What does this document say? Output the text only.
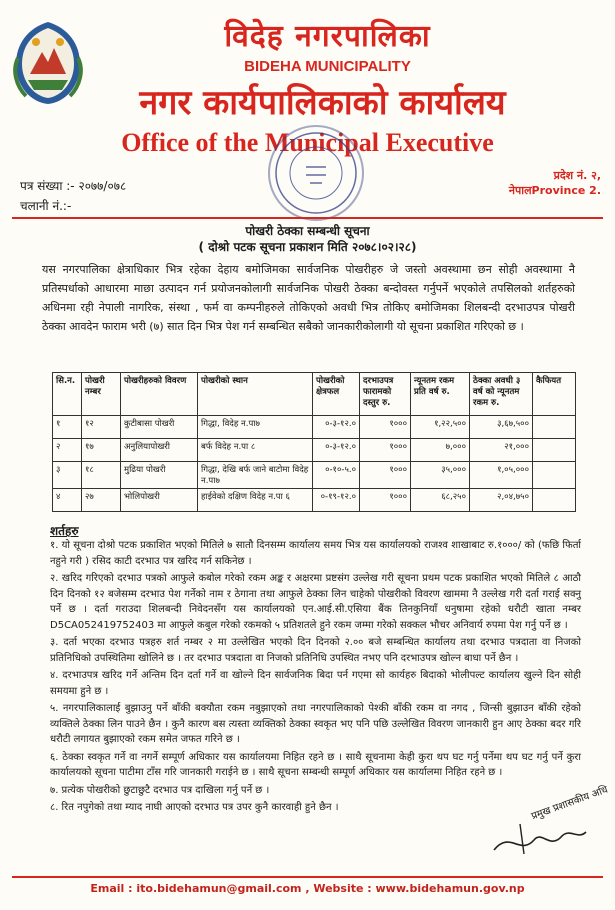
विदेह नगरपालिका
BIDEHA MUNICIPALITY
नगर कार्यपालिकाको कार्यालय
Office of the Municipal Executive
प्रदेश नं. २,
नेपालProvince 2.
पत्र संख्या :- २०७७/०७८
चलानी नं.:-
पोखरी ठेक्का सम्बन्धी सूचना
( दोश्रो पटक सूचना प्रकाशन मिति २०७८।०२।२८)
यस नगरपालिका क्षेत्राधिकार भित्र रहेका देहाय बमोजिमका सार्वजनिक पोखरीहरु जे जस्तो अवस्थामा छन सोही अवस्थामा नै प्रतिस्पर्धाको आधारमा माछा उत्पादन गर्न प्रयोजनकोलागी सार्वजनिक पोखरी ठेक्का बन्दोवस्त गर्नुपर्ने भएकोले तपसिलको शर्तहरुको अधिनमा रही नेपाली नागरिक, संस्था , फर्म वा कम्पनीहरुले तोकिएको अवधी भित्र तोकिए बमोजिमका शिलबन्दी दरभाउपत्र पोखरी ठेक्का आवदेन फाराम भरी (७) सात दिन भित्र पेश गर्न सम्बन्धित सबैको जानकारीकोलागी यो सूचना प्रकाशित गरिएको छ ।
सि.न.	पोखरी नम्बर	पोखरीहरुको विवरण	पोखरीको स्थान	पोखरीको क्षेत्रफल	दरभाउपत्र फारामको दस्तुर रु.	न्यूनतम रकम प्रति वर्ष रु.	ठेक्का अवधी ३ वर्ष को न्यूनतम रकम रु.	कैफियत
१	१२	कुटीबासा पोखरी	गिद्धा, विदेह न.पा७	०-३-१२.०	१०००	१,२२,५००	३,६७,५००	
२	१७	अनुलियापोखरी	बर्फ विदेह न.पा ८	०-३-१२.०	१०००	७,०००	२१,०००	
३	१८	मुढिया पोखरी	गिद्धा, देखि बर्फ जाने बाटोमा विदेह न.पा७	०-१०-५.०	१०००	३५,०००	१,०५,०००	
४	२७	भोलिपोखरी	हाईवेको दक्षिण विदेह न.पा ६	०-१९-१२.०	१०००	६८,२५०	२,०४,७५०	
शर्तहरु

१. यो सूचना दोश्रो पटक प्रकाशित भएको मितिले ७ सातौ दिनसम्म कार्यालय समय भित्र यस कार्यालयको राजश्व शाखाबाट रु.१०००/ को (फछि फिर्ता नहुने गरी ) रसिद काटी दरभाउ पत्र खरिद गर्न सकिनेछ ।

२. खरिद गरिएको दरभाउ पत्रको आफुले कबोल गरेको रकम अङ्क र अक्षरमा प्रष्टसंग उल्लेख गरी सूचना प्रथम पटक प्रकाशित भएको मितिले ८ आठौ दिन दिनको १२ बजेसम्म दरभाउ पेश गर्नेको नाम र ठेगाना तथा आफुले ठेक्का लिन चाहेको पोखरीको विवरण खाममा नै उल्लेख गरी दर्ता गराई सक्नु पर्ने छ । दर्ता गराउदा शिलबन्दी निवेदनसँग यस कार्यालयको एन.आई.सी.एसिया बैंक तिनकुनियाँ धनुषामा रहेको धरौटी खाता नम्बर D5CA052419752403 मा आफुले कबुल गरेको रकमको ५ प्रतिशतले हुने रकम जम्मा गरेको सक्कल भौचर अनिवार्य रुपमा पेश गर्नु पर्ने छ ।

३. दर्ता भएका दरभाउ पत्रहरु शर्त नम्बर २ मा उल्लेखित भएको दिन दिनको २.०० बजे सम्बन्धित कार्यालय तथा दरभाउ पत्रदाता वा निजको प्रतिनिधिको उपस्थितिमा खोलिने छ । तर दरभाउ पत्रदाता वा निजको प्रतिनिधि उपस्थित नभए पनि दरभाउपत्र खोल्न बाधा पर्ने छैन ।

४. दरभाउपत्र खरिद गर्ने अन्तिम दिन दर्ता गर्ने वा खोल्ने दिन सार्वजनिक बिदा पर्न गएमा सो कार्यहरु बिदाको भोलीपल्ट कार्यालय खुल्ने दिन सोही समयमा हुने छ ।

५. नगरपालिकालाई बुझाउनु पर्ने बाँकी बक्यौता रकम नबुझाएको तथा नगरपालिकाको पेश्की बाँकी रकम वा नगद , जिन्सी बुझाउन बाँकी रहेको व्यक्तिले ठेक्का लिन पाउने छैन । कुनै कारण बस त्यस्ता व्यक्तिको ठेक्का स्वकृत भए पनि पछि उल्लेखित विवरण जानकारी हुन आए ठेक्का बदर गरि धरौटी लगायत बुझाएको रकम समेत जफत गरिने छ ।

६. ठेक्का स्वकृत गर्ने वा नगर्ने सम्पूर्ण अधिकार यस कार्यालयमा निहित रहने छ । साथै सूचनामा केही कुरा थप घट गर्नु पर्नेमा थप घट गर्नु पर्ने कुरा कार्यालयको सूचना पाटीमा टाँस गरि जानकारी गराईने छ । साथै सूचना सम्बन्धी सम्पूर्ण अधिकार यस कार्यालमा निहित रहने छ ।

७. प्रत्येक पोखरीको छुटाछुटै दरभाउ पत्र दाखिला गर्नु पर्ने छ ।

८. रित नपुगेको तथा म्याद नाघी आएको दरभाउ पत्र उपर कुनै कारवाही हुने छैन ।	प्रमुख प्रशासकीय अधि
Email : ito.bidehamun@gmail.com , Website : www.bidehamun.gov.np
